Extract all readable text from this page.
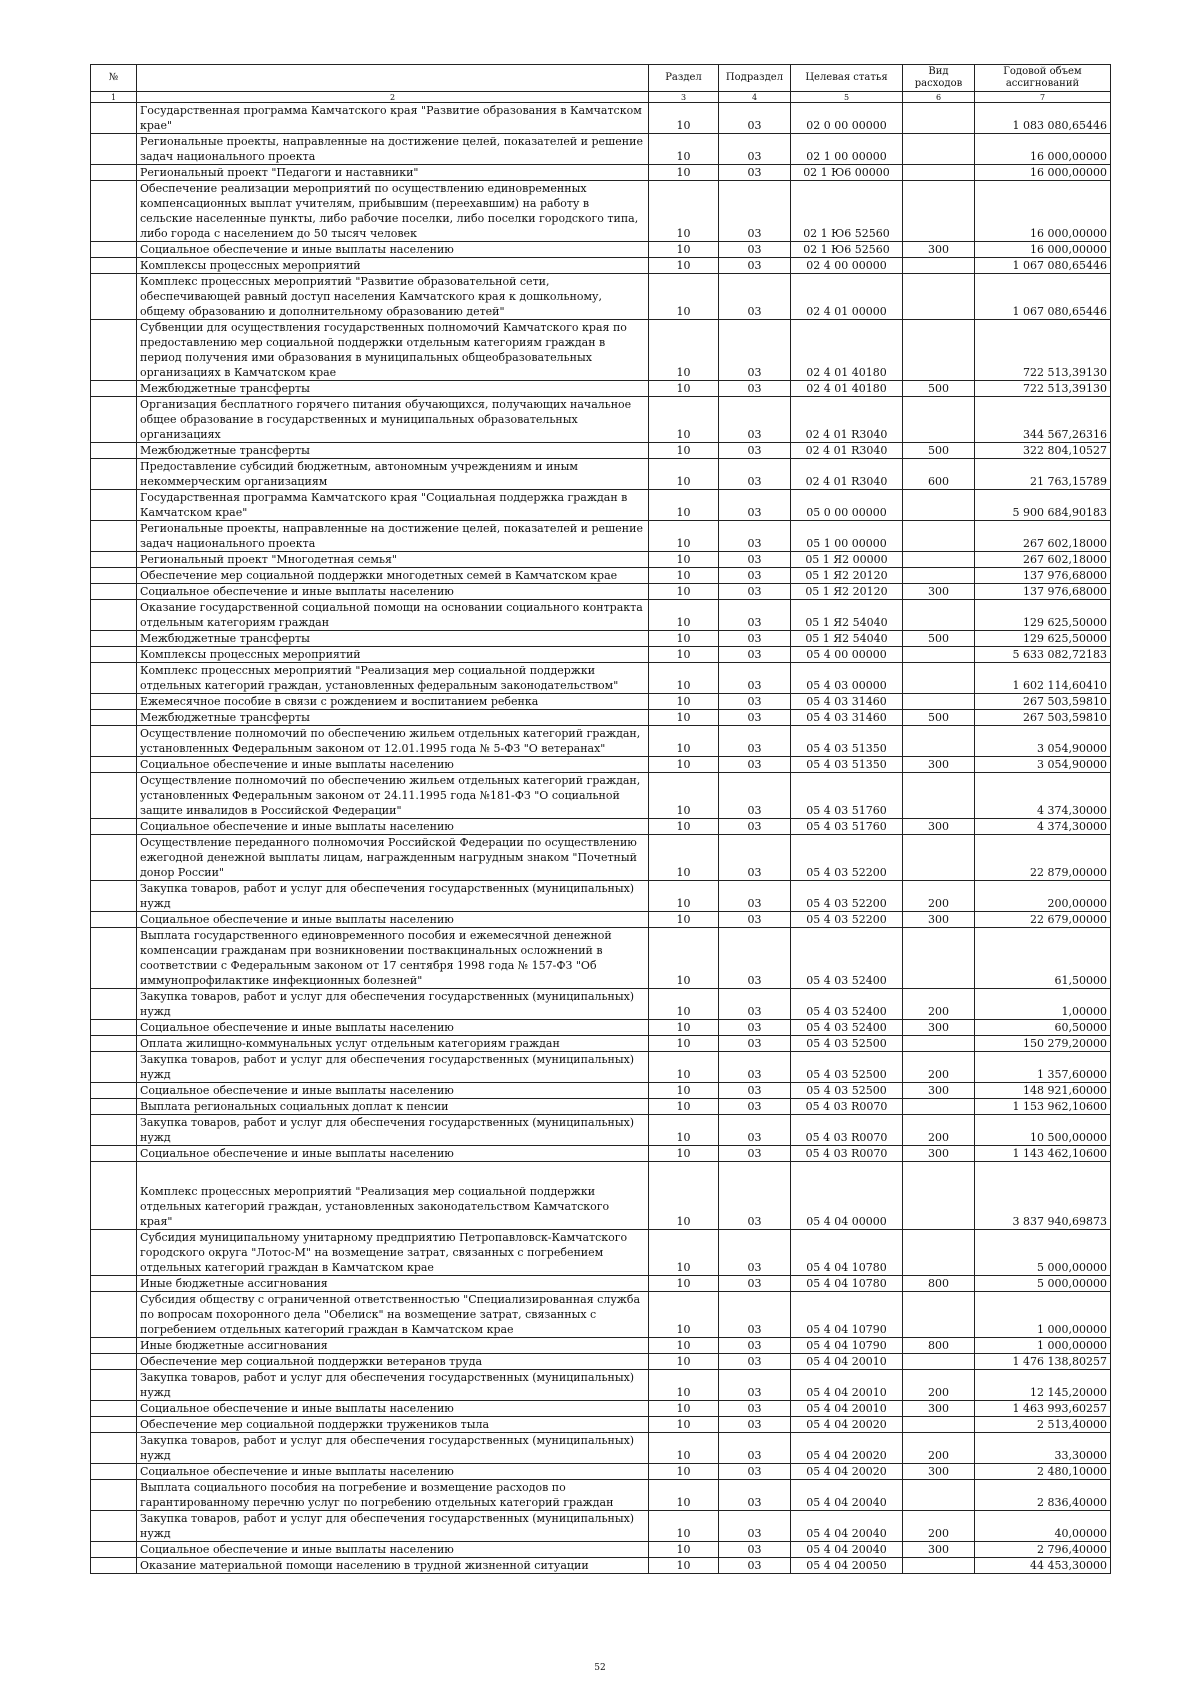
№		Раздел	Подраздел	Целевая статья	Вид расходов	Годовой объем ассигнований
1	2	3	4	5	6	7
	Государственная программа Камчатского края "Развитие образования в Камчатском крае"	10	03	02 0 00 00000		1 083 080,65446
	Региональные проекты, направленные на достижение целей, показателей и решение задач национального проекта	10	03	02 1 00 00000		16 000,00000
	Региональный проект "Педагоги и наставники"	10	03	02 1 Ю6 00000		16 000,00000
	Обеспечение реализации мероприятий по осуществлению единовременных компенсационных выплат учителям, прибывшим (переехавшим) на работу в сельские населенные пункты, либо рабочие поселки, либо поселки городского типа, либо города с населением до 50 тысяч человек	10	03	02 1 Ю6 52560		16 000,00000
	Социальное обеспечение и иные выплаты населению	10	03	02 1 Ю6 52560	300	16 000,00000
	Комплексы процессных мероприятий	10	03	02 4 00 00000		1 067 080,65446
	Комплекс процессных мероприятий "Развитие образовательной сети, обеспечивающей равный доступ населения Камчатского края к дошкольному, общему образованию и дополнительному образованию детей"	10	03	02 4 01 00000		1 067 080,65446
	Субвенции для осуществления государственных полномочий Камчатского края по предоставлению мер социальной поддержки отдельным категориям граждан в период получения ими образования в муниципальных общеобразовательных организациях в Камчатском крае	10	03	02 4 01 40180		722 513,39130
	Межбюджетные трансферты	10	03	02 4 01 40180	500	722 513,39130
	Организация бесплатного горячего питания обучающихся, получающих начальное общее образование в государственных и муниципальных образовательных организациях	10	03	02 4 01 R3040		344 567,26316
	Межбюджетные трансферты	10	03	02 4 01 R3040	500	322 804,10527
	Предоставление субсидий бюджетным, автономным учреждениям и иным некоммерческим организациям	10	03	02 4 01 R3040	600	21 763,15789
	Государственная программа Камчатского края "Социальная поддержка граждан в Камчатском крае"	10	03	05 0 00 00000		5 900 684,90183
	Региональные проекты, направленные на достижение целей, показателей и решение задач национального проекта	10	03	05 1 00 00000		267 602,18000
	Региональный проект "Многодетная семья"	10	03	05 1 Я2 00000		267 602,18000
	Обеспечение мер социальной поддержки многодетных семей в Камчатском крае	10	03	05 1 Я2 20120		137 976,68000
	Социальное обеспечение и иные выплаты населению	10	03	05 1 Я2 20120	300	137 976,68000
	Оказание государственной социальной помощи на основании социального контракта отдельным категориям граждан	10	03	05 1 Я2 54040		129 625,50000
	Межбюджетные трансферты	10	03	05 1 Я2 54040	500	129 625,50000
	Комплексы процессных мероприятий	10	03	05 4 00 00000		5 633 082,72183
	Комплекс процессных мероприятий "Реализация мер социальной поддержки отдельных категорий граждан, установленных федеральным законодательством"	10	03	05 4 03 00000		1 602 114,60410
	Ежемесячное пособие в связи с рождением и воспитанием ребенка	10	03	05 4 03 31460		267 503,59810
	Межбюджетные трансферты	10	03	05 4 03 31460	500	267 503,59810
	Осуществление полномочий по обеспечению жильем отдельных категорий граждан, установленных Федеральным законом от 12.01.1995 года № 5-ФЗ "О ветеранах"	10	03	05 4 03 51350		3 054,90000
	Социальное обеспечение и иные выплаты населению	10	03	05 4 03 51350	300	3 054,90000
	Осуществление полномочий по обеспечению жильем отдельных категорий граждан, установленных Федеральным законом от 24.11.1995 года №181-ФЗ "О социальной защите инвалидов в Российской Федерации"	10	03	05 4 03 51760		4 374,30000
	Социальное обеспечение и иные выплаты населению	10	03	05 4 03 51760	300	4 374,30000
	Осуществление переданного полномочия Российской Федерации по осуществлению ежегодной денежной выплаты лицам, награжденным нагрудным знаком "Почетный донор России"	10	03	05 4 03 52200		22 879,00000
	Закупка товаров, работ и услуг для обеспечения государственных (муниципальных) нужд	10	03	05 4 03 52200	200	200,00000
	Социальное обеспечение и иные выплаты населению	10	03	05 4 03 52200	300	22 679,00000
	Выплата государственного единовременного пособия и ежемесячной денежной компенсации гражданам при возникновении поствакцинальных осложнений в соответствии с Федеральным законом от 17 сентября 1998 года № 157-ФЗ "Об иммунопрофилактике инфекционных болезней"	10	03	05 4 03 52400		61,50000
	Закупка товаров, работ и услуг для обеспечения государственных (муниципальных) нужд	10	03	05 4 03 52400	200	1,00000
	Социальное обеспечение и иные выплаты населению	10	03	05 4 03 52400	300	60,50000
	Оплата жилищно-коммунальных услуг отдельным категориям граждан	10	03	05 4 03 52500		150 279,20000
	Закупка товаров, работ и услуг для обеспечения государственных (муниципальных) нужд	10	03	05 4 03 52500	200	1 357,60000
	Социальное обеспечение и иные выплаты населению	10	03	05 4 03 52500	300	148 921,60000
	Выплата региональных социальных доплат к пенсии	10	03	05 4 03 R0070		1 153 962,10600
	Закупка товаров, работ и услуг для обеспечения государственных (муниципальных) нужд	10	03	05 4 03 R0070	200	10 500,00000
	Социальное обеспечение и иные выплаты населению	10	03	05 4 03 R0070	300	1 143 462,10600
	Комплекс процессных мероприятий "Реализация мер социальной поддержки отдельных категорий граждан, установленных законодательством Камчатского края"	10	03	05 4 04 00000		3 837 940,69873
	Субсидия муниципальному унитарному предприятию Петропавловск-Камчатского городского округа "Лотос-М" на возмещение затрат, связанных с погребением отдельных категорий граждан в Камчатском крае	10	03	05 4 04 10780		5 000,00000
	Иные бюджетные ассигнования	10	03	05 4 04 10780	800	5 000,00000
	Субсидия обществу с ограниченной ответственностью "Специализированная служба по вопросам похоронного дела "Обелиск" на возмещение затрат, связанных с погребением отдельных категорий граждан в Камчатском крае	10	03	05 4 04 10790		1 000,00000
	Иные бюджетные ассигнования	10	03	05 4 04 10790	800	1 000,00000
	Обеспечение мер социальной поддержки ветеранов труда	10	03	05 4 04 20010		1 476 138,80257
	Закупка товаров, работ и услуг для обеспечения государственных (муниципальных) нужд	10	03	05 4 04 20010	200	12 145,20000
	Социальное обеспечение и иные выплаты населению	10	03	05 4 04 20010	300	1 463 993,60257
	Обеспечение мер социальной поддержки тружеников тыла	10	03	05 4 04 20020		2 513,40000
	Закупка товаров, работ и услуг для обеспечения государственных (муниципальных) нужд	10	03	05 4 04 20020	200	33,30000
	Социальное обеспечение и иные выплаты населению	10	03	05 4 04 20020	300	2 480,10000
	Выплата социального пособия на погребение и возмещение расходов по гарантированному перечню услуг по погребению отдельных категорий граждан	10	03	05 4 04 20040		2 836,40000
	Закупка товаров, работ и услуг для обеспечения государственных (муниципальных) нужд	10	03	05 4 04 20040	200	40,00000
	Социальное обеспечение и иные выплаты населению	10	03	05 4 04 20040	300	2 796,40000
	Оказание материальной помощи населению в трудной жизненной ситуации	10	03	05 4 04 20050		44 453,30000
52
